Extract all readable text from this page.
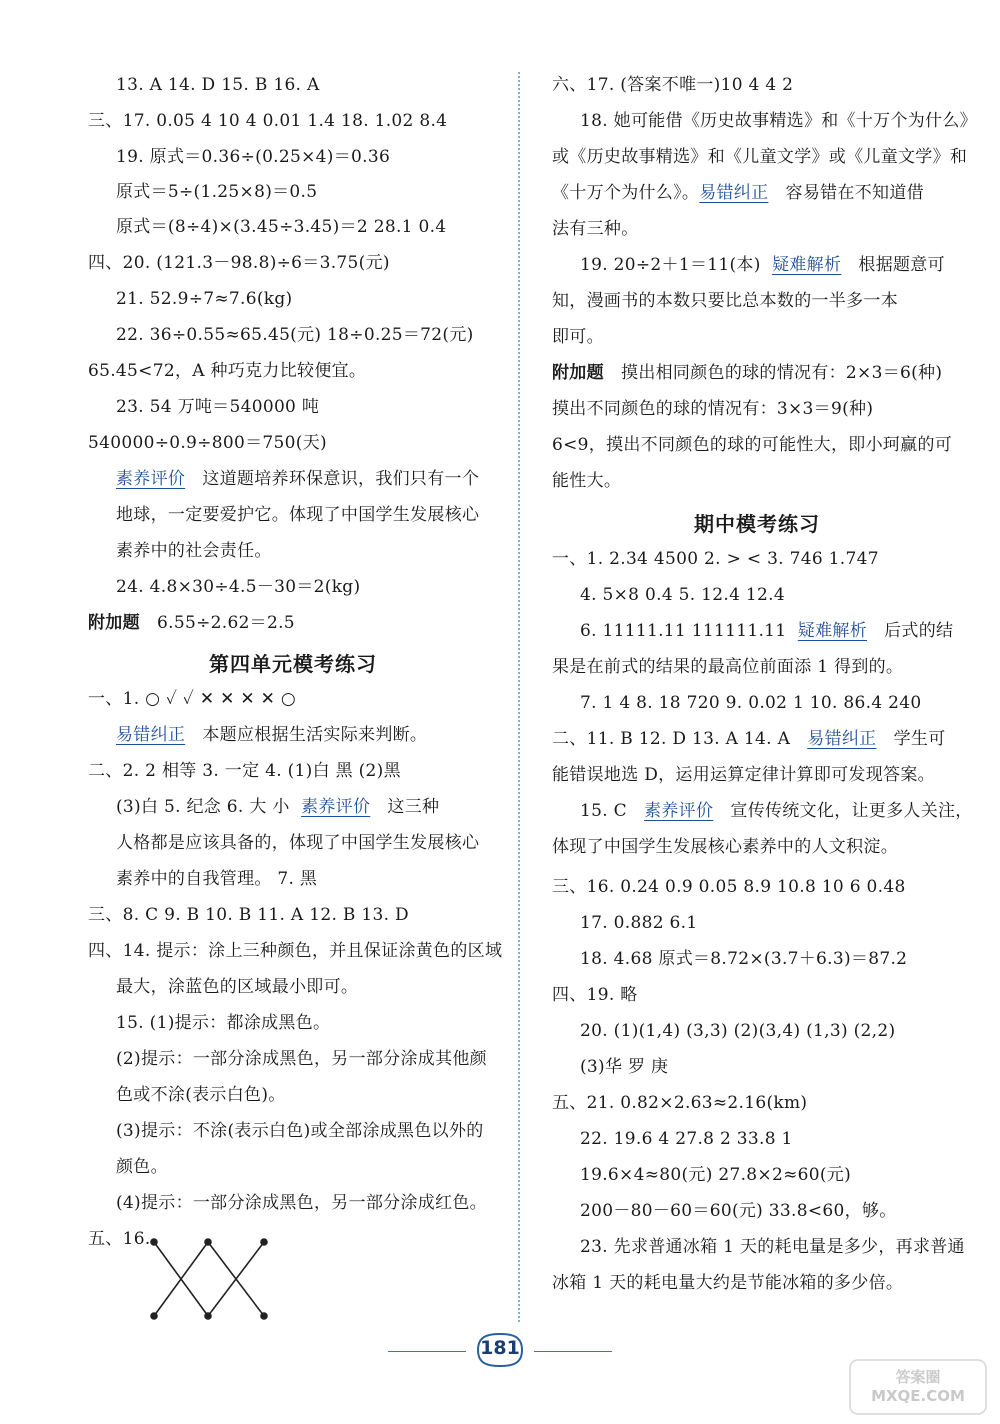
13. A 14. D 15. B 16. A
三、17. 0.05 4 10 4 0.01 1.4 18. 1.02 8.4
19. 原式＝0.36÷(0.25×4)＝0.36
原式＝5÷(1.25×8)＝0.5
原式＝(8÷4)×(3.45÷3.45)＝2 28.1 0.4
四、20. (121.3－98.8)÷6＝3.75(元)
21. 52.9÷7≈7.6(kg)
22. 36÷0.55≈65.45(元) 18÷0.25＝72(元)
65.45<72，A 种巧克力比较便宜。
23. 54 万吨＝540000 吨
540000÷0.9÷800＝750(天)
素养评价 这道题培养环保意识，我们只有一个
地球，一定要爱护它。体现了中国学生发展核心
素养中的社会责任。
24. 4.8×30÷4.5－30＝2(kg)
附加题 6.55÷2.62＝2.5
第四单元模考练习
一、1. ○ ✓ ✓ ✕ ✕ ✕ ✕ ○
易错纠正 本题应根据生活实际来判断。
二、2. 2 相等 3. 一定 4. (1)白 黑 (2)黑
(3)白 5. 纪念 6. 大 小 素养评价 这三种
人格都是应该具备的，体现了中国学生发展核心
素养中的自我管理。 7. 黑
三、8. C 9. B 10. B 11. A 12. B 13. D
四、14. 提示：涂上三种颜色，并且保证涂黄色的区域
最大，涂蓝色的区域最小即可。
15. (1)提示：都涂成黑色。
(2)提示：一部分涂成黑色，另一部分涂成其他颜
色或不涂(表示白色)。
(3)提示：不涂(表示白色)或全部涂成黑色以外的
颜色。
(4)提示：一部分涂成黑色，另一部分涂成红色。
五、16.
六、17. (答案不唯一)10 4 4 2
18. 她可能借《历史故事精选》和《十万个为什么》
或《历史故事精选》和《儿童文学》或《儿童文学》和
《十万个为什么》。易错纠正 容易错在不知道借
法有三种。
19. 20÷2＋1＝11(本) 疑难解析 根据题意可
知，漫画书的本数只要比总本数的一半多一本
即可。
附加题 摸出相同颜色的球的情况有：2×3＝6(种)
摸出不同颜色的球的情况有：3×3＝9(种)
6<9，摸出不同颜色的球的可能性大，即小珂赢的可
能性大。
期中模考练习
一、1. 2.34 4500 2. > < 3. 746 1.747
4. 5×8 0.4 5. 12.4 12.4
6. 11111.11 111111.11 疑难解析 后式的结
果是在前式的结果的最高位前面添 1 得到的。
7. 1 4 8. 18 720 9. 0.02 1 10. 86.4 240
二、11. B 12. D 13. A 14. A 易错纠正 学生可
能错误地选 D，运用运算定律计算即可发现答案。
15. C 素养评价 宣传传统文化，让更多人关注，
体现了中国学生发展核心素养中的人文积淀。
三、16. 0.24 0.9 0.05 8.9 10.8 10 6 0.48
17. 0.882 6.1
18. 4.68 原式＝8.72×(3.7＋6.3)＝87.2
四、19. 略
20. (1)(1,4) (3,3) (2)(3,4) (1,3) (2,2)
(3)华 罗 庚
五、21. 0.82×2.63≈2.16(km)
22. 19.6 4 27.8 2 33.8 1
19.6×4≈80(元) 27.8×2≈60(元)
200－80－60＝60(元) 33.8<60，够。
23. 先求普通冰箱 1 天的耗电量是多少，再求普通
冰箱 1 天的耗电量大约是节能冰箱的多少倍。
181
答案圈 MXQE.COM
